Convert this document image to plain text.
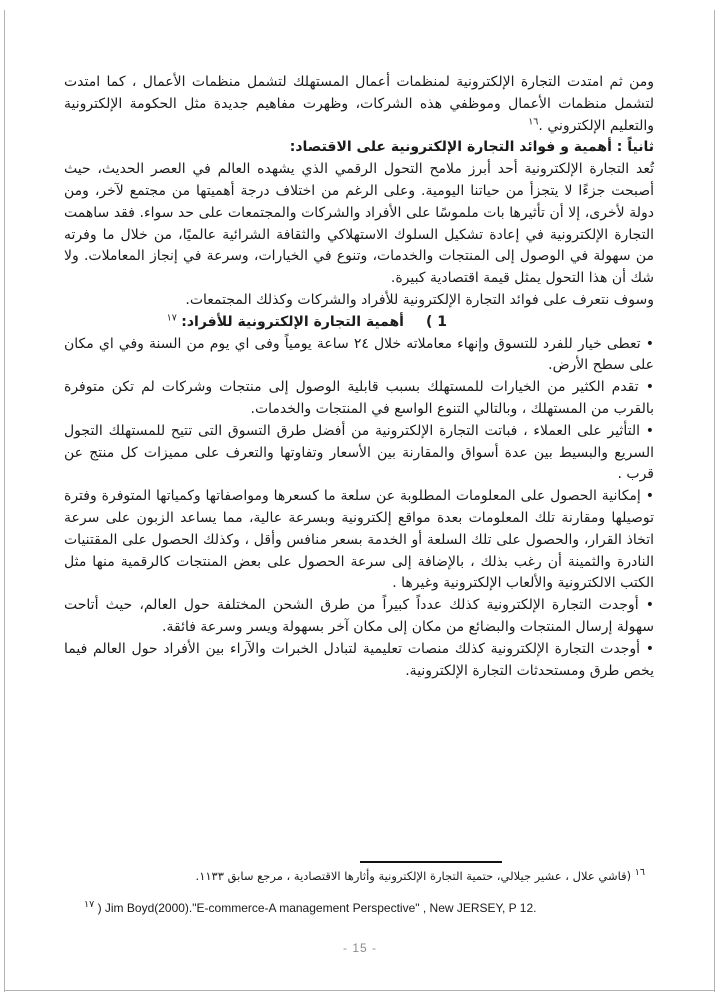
ومن ثم امتدت التجارة الإلكترونية لمنظمات أعمال المستهلك لتشمل منظمات الأعمال ، كما امتدت لتشمل منظمات الأعمال وموظفي هذه الشركات، وظهرت مفاهيم جديدة مثل الحكومة الإلكترونية والتعليم الإلكتروني .$^{١٦}$

ثانياً : أهمية و فوائد التجارة الإلكترونية على الاقتصاد:

تُعد التجارة الإلكترونية أحد أبرز ملامح التحول الرقمي الذي يشهده العالم في العصر الحديث، حيث أصبحت جزءًا لا يتجزأ من حياتنا اليومية. وعلى الرغم من اختلاف درجة أهميتها من مجتمع لآخر، ومن دولة لأخرى، إلا أن تأثيرها بات ملموسًا على الأفراد والشركات والمجتمعات على حد سواء. فقد ساهمت التجارة الإلكترونية في إعادة تشكيل السلوك الاستهلاكي والثقافة الشرائية عالميًا، من خلال ما وفرته من سهولة في الوصول إلى المنتجات والخدمات، وتنوع في الخيارات، وسرعة في إنجاز المعاملات. ولا شك أن هذا التحول يمثل قيمة اقتصادية كبيرة.

وسوف نتعرف على فوائد التجارة الإلكترونية للأفراد والشركات وكذلك المجتمعات.

( 1أهمية التجارة الإلكترونية للأفراد: $^{١٧}$

• تعطى خيار للفرد للتسوق وإنهاء معاملاته خلال ٢٤ ساعة يومياً وفى اي يوم من السنة وفي اي مكان على سطح الأرض.

• تقدم الكثير من الخيارات للمستهلك بسبب قابلية الوصول إلى منتجات وشركات لم تكن متوفرة بالقرب من المستهلك ، وبالتالي التنوع الواسع في المنتجات والخدمات.

• التأثير على العملاء ، فباتت التجارة الإلكترونية من أفضل طرق التسوق التى تتيح للمستهلك التجول السريع والبسيط بين عدة أسواق والمقارنة بين الأسعار وتفاوتها والتعرف على مميزات كل منتج عن قرب .

• إمكانية الحصول على المعلومات المطلوبة عن سلعة ما كسعرها ومواصفاتها وكمياتها المتوفرة وفترة توصيلها ومقارنة تلك المعلومات بعدة مواقع إلكترونية وبسرعة عالية، مما يساعد الزبون على سرعة اتخاذ القرار، والحصول على تلك السلعة أو الخدمة بسعر منافس وأقل ، وكذلك الحصول على المقتنيات النادرة والثمينة أن رغب بذلك ، بالإضافة إلى سرعة الحصول على بعض المنتجات كالرقمية منها مثل الكتب الالكترونية والألعاب الإلكترونية وغيرها .

• أوجدت التجارة الإلكترونية كذلك عدداً كبيراً من طرق الشحن المختلفة حول العالم، حيث أتاحت سهولة إرسال المنتجات والبضائع من مكان إلى مكان آخر بسهولة ويسر وسرعة فائقة.

• أوجدت التجارة الإلكترونية كذلك منصات تعليمية لتبادل الخبرات والآراء بين الأفراد حول العالم فيما يخص طرق ومستحدثات التجارة الإلكترونية.

$^{١٦}$ (قاشي علال ، عشير جيلالي، حتمية التجارة الإلكترونية وأثارها الاقتصادية ، مرجع سابق ١١٣٣.
$^{١٧}$ ) Jim Boyd(2000)."E-commerce-A management Perspective" , New JERSEY, P 12.
- 15 -
